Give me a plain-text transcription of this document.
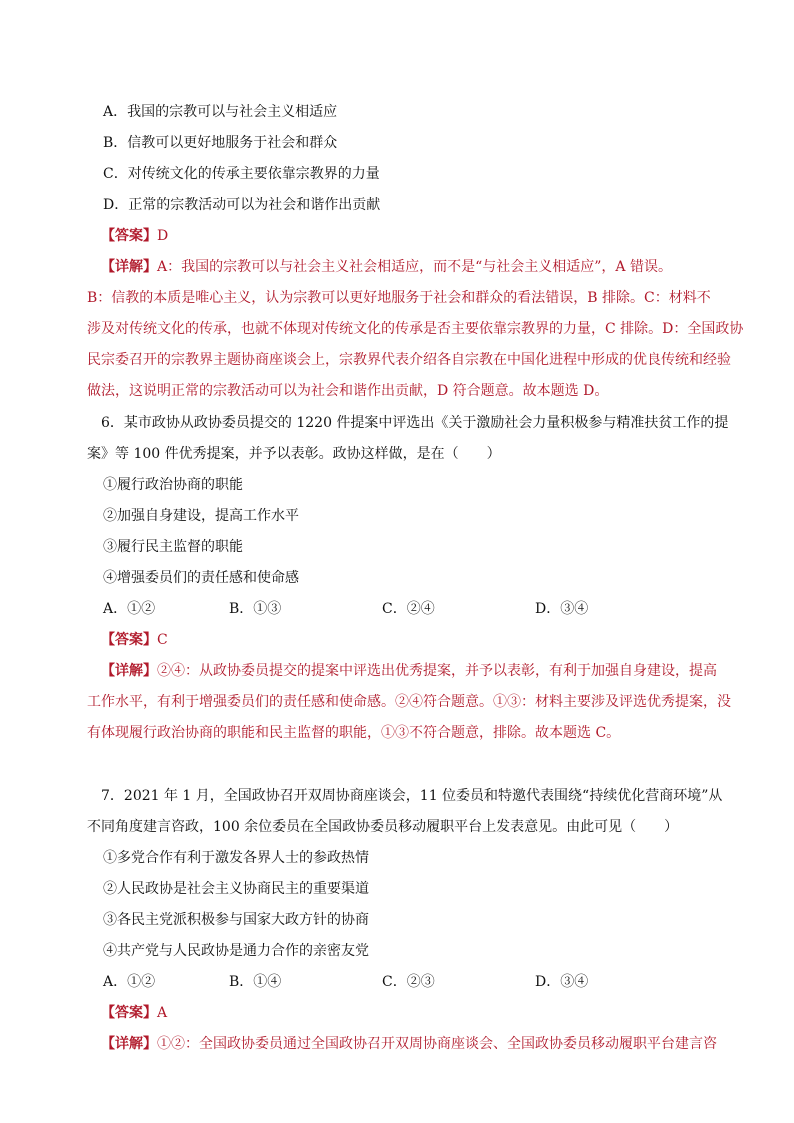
A．我国的宗教可以与社会主义相适应
B．信教可以更好地服务于社会和群众
C．对传统文化的传承主要依靠宗教界的力量
D．正常的宗教活动可以为社会和谐作出贡献
【答案】D
【详解】A：我国的宗教可以与社会主义社会相适应，而不是“与社会主义相适应”，A 错误。
B：信教的本质是唯心主义，认为宗教可以更好地服务于社会和群众的看法错误，B 排除。C：材料不
涉及对传统文化的传承，也就不体现对传统文化的传承是否主要依靠宗教界的力量，C 排除。D：全国政协
民宗委召开的宗教界主题协商座谈会上，宗教界代表介绍各自宗教在中国化进程中形成的优良传统和经验
做法，这说明正常的宗教活动可以为社会和谐作出贡献，D 符合题意。故本题选 D。
6．某市政协从政协委员提交的 1220 件提案中评选出《关于激励社会力量积极参与精准扶贫工作的提
案》等 100 件优秀提案，并予以表彰。政协这样做，是在（　　）
①履行政治协商的职能
②加强自身建设，提高工作水平
③履行民主监督的职能
④增强委员们的责任感和使命感
A．①②	B．①③	C．②④	D．③④
【答案】C
【详解】②④：从政协委员提交的提案中评选出优秀提案，并予以表彰，有利于加强自身建设，提高
工作水平，有利于增强委员们的责任感和使命感。②④符合题意。①③：材料主要涉及评选优秀提案，没
有体现履行政治协商的职能和民主监督的职能，①③不符合题意，排除。故本题选 C。
7．2021 年 1 月，全国政协召开双周协商座谈会，11 位委员和特邀代表围绕“持续优化营商环境”从
不同角度建言咨政，100 余位委员在全国政协委员移动履职平台上发表意见。由此可见（　　）
①多党合作有利于激发各界人士的参政热情
②人民政协是社会主义协商民主的重要渠道
③各民主党派积极参与国家大政方针的协商
④共产党与人民政协是通力合作的亲密友党
A．①②	B．①④	C．②③	D．③④
【答案】A
【详解】①②：全国政协委员通过全国政协召开双周协商座谈会、全国政协委员移动履职平台建言咨
